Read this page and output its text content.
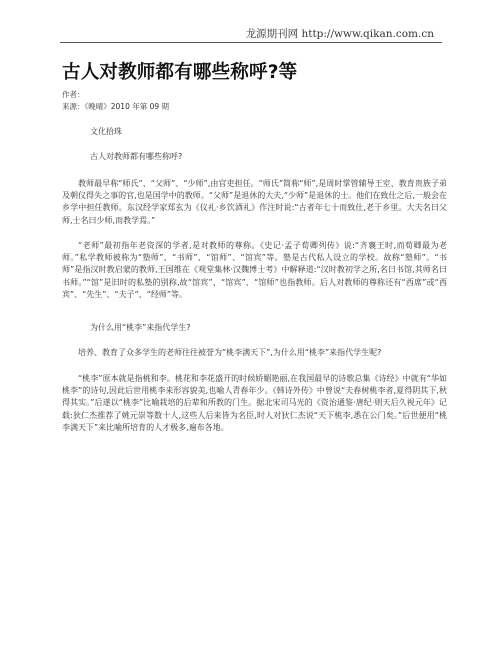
龙源期刊网 http://www.qikan.com.cn
古人对教师都有哪些称呼?等
作者：
来源：《晚晴》2010 年第 09 期

文化拾珠

古人对教师都有哪些称呼?

教师最早称“师氏”、“父师”、“少师”,由官吏担任。“师氏”简称“师”,是周时掌管辅导王室、教育贵族子弟及朝仪得失之事的官,也是国学中的教师。“父师”是退休的大夫,“少师”是退休的士。他们在致仕之后,一般会在乡学中担任教师。东汉经学家郑玄为《仪礼·乡饮酒礼》作注时说:“古者年七十而致仕,老于乡里。大夫名曰父师,士名曰少师,而教学焉。”

“老师”最初指年老资深的学者,是对教师的尊称。《史记·孟子荀卿列传》说:“齐襄王时,而荀卿最为老师。”私学教师被称为“塾师”、“书师”、“馆师”、“馆宾”等。塾是古代私人设立的学校。故称“塾师”。“书师”是指汉时教启蒙的教师,王国维在《观堂集林·汉魏博士考》中解释道:“汉时教初学之所,名曰书馆,其师名曰书师。”“馆”是旧时的私塾的别称,故“馆宾”、“馆宾”、“馆师”也指教师。后人对教师的尊称还有“西席”或“西宾”、“先生”、“夫子”、“经师”等。

为什么用“桃李”来指代学生?

培养、教育了众多学生的老师往往被誉为“桃李满天下”,为什么用“桃李”来指代学生呢?

“桃李”原本就是指桃和李。桃花和李花盛开的时候娇媚艳丽,在我国最早的诗歌总集《诗经》中就有“华如桃李”的诗句,因此后世用桃李来形容貌美,也喻人青春年少。《韩诗外传》中曾说“夫春树桃李者,夏得阴其下,秋得其实。”后遂以“桃李”比喻栽培的后辈和所教的门生。据北宋司马光的《资治通鉴·唐纪·则天后久视元年》记载:狄仁杰推荐了姚元崇等数十人,这些人后来皆为名臣,时人对狄仁杰说“天下桃李,悉在公门矣。”后世便用“桃李满天下”来比喻所培育的人才极多,遍布各地。
